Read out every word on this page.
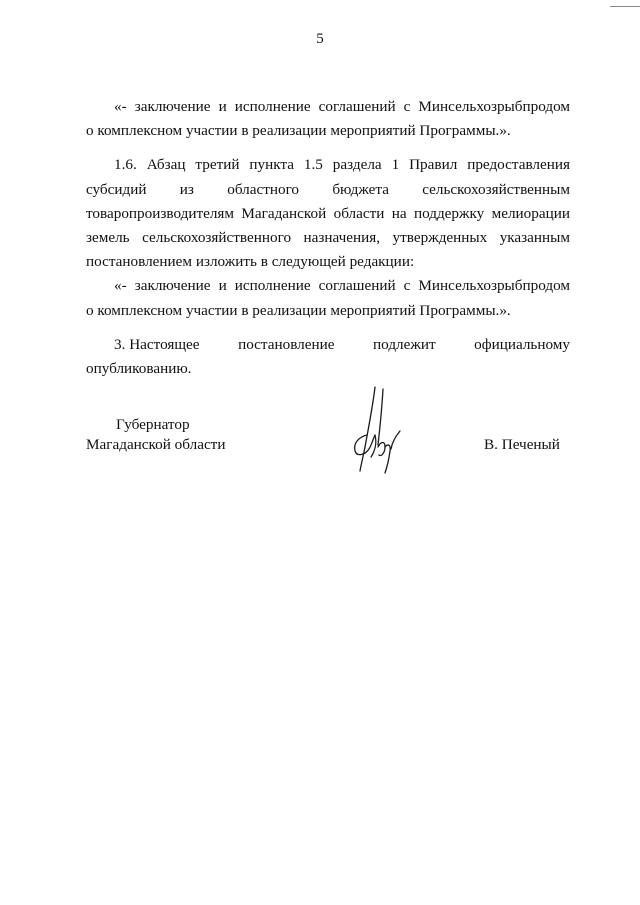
5
«- заключение и исполнение соглашений с Минсельхозрыбпродом
о комплексном участии в реализации мероприятий Программы.».
1.6. Абзац третий пункта 1.5 раздела 1 Правил предоставления
субсидий из областного бюджета сельскохозяйственным
товаропроизводителям Магаданской области на поддержку мелиорации
земель сельскохозяйственного назначения, утвержденных указанным
постановлением изложить в следующей редакции:
«- заключение и исполнение соглашений с Минсельхозрыбпродом
о комплексном участии в реализации мероприятий Программы.».
3. Настоящее	постановление	подлежит	официальному
опубликованию.
Губернатор
Магаданской области	В. Печеный
